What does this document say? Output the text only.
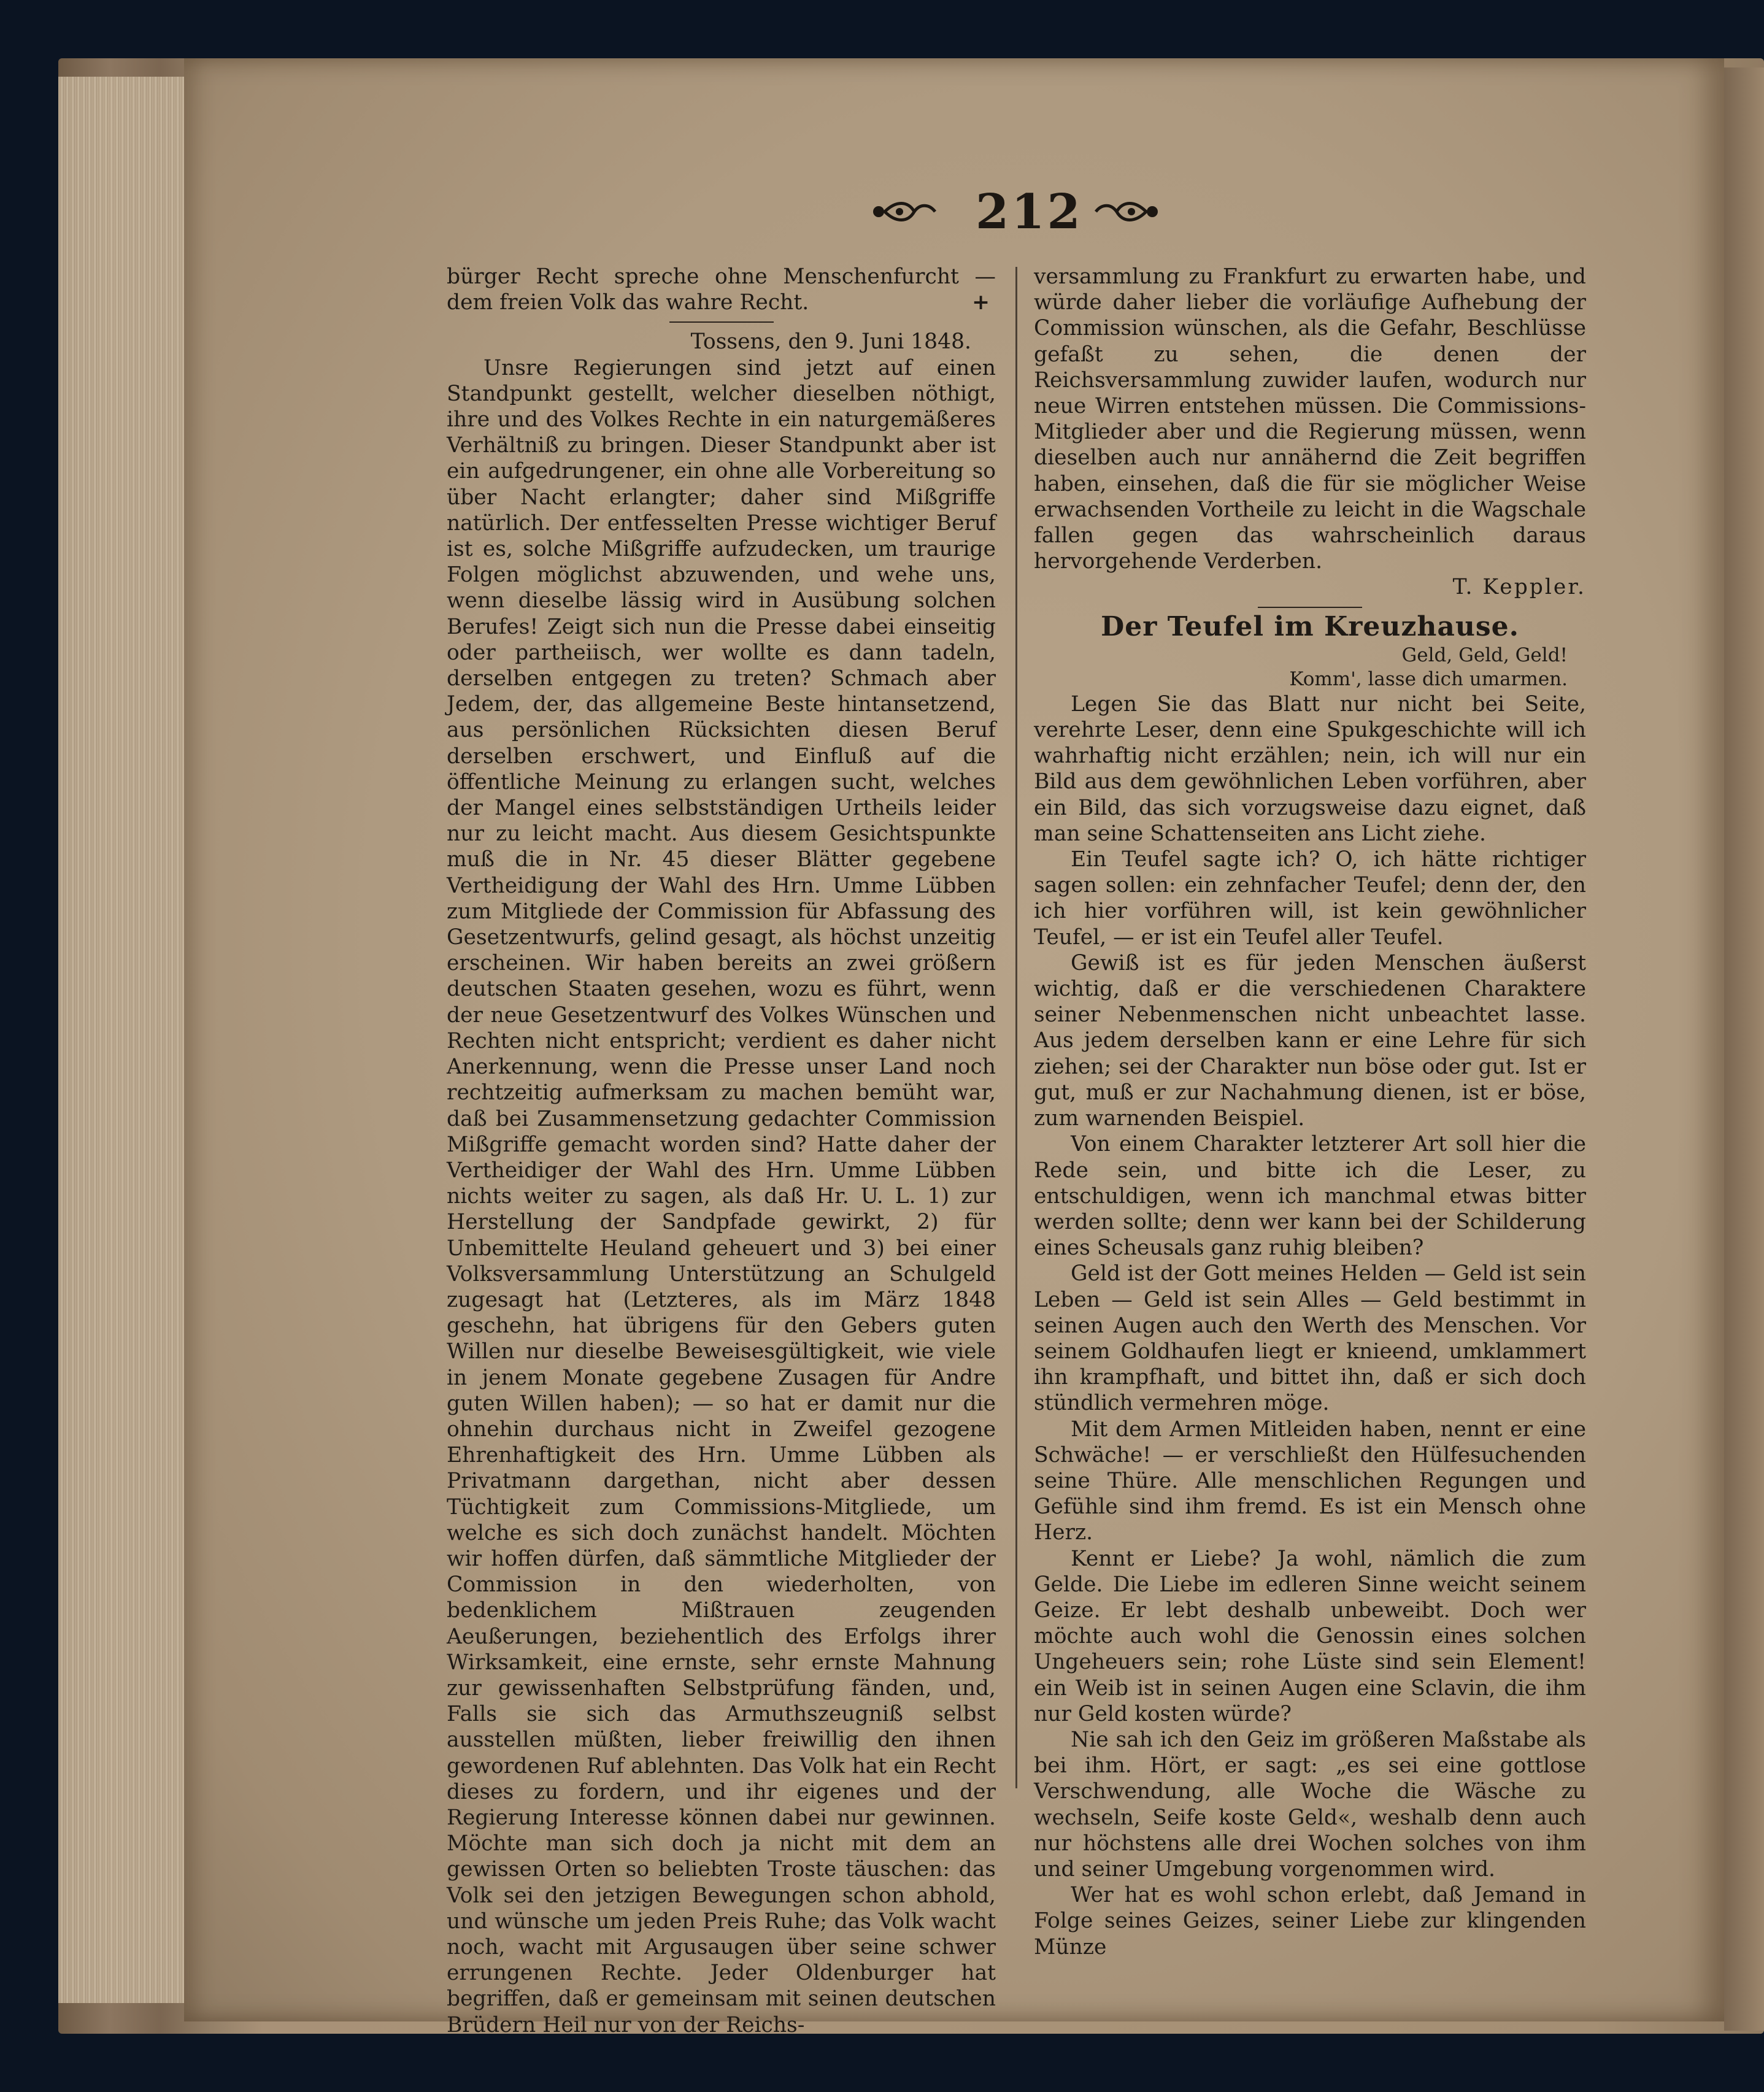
212

bürger Recht spreche ohne Menschenfurcht — dem freien Volk das wahre Recht.	+

Tossens, den 9. Juni 1848.

Unsre Regierungen sind jetzt auf einen Standpunkt gestellt, welcher dieselben nöthigt, ihre und des Volkes Rechte in ein naturgemäßeres Verhältniß zu bringen. Dieser Standpunkt aber ist ein aufgedrungener, ein ohne alle Vorbereitung so über Nacht erlangter; daher sind Mißgriffe natürlich. Der entfesselten Presse wichtiger Beruf ist es, solche Mißgriffe aufzudecken, um traurige Folgen möglichst abzuwenden, und wehe uns, wenn dieselbe lässig wird in Ausübung solchen Berufes! Zeigt sich nun die Presse dabei einseitig oder partheiisch, wer wollte es dann tadeln, derselben entgegen zu treten? Schmach aber Jedem, der, das allgemeine Beste hintansetzend, aus persönlichen Rücksichten diesen Beruf derselben erschwert, und Einfluß auf die öffentliche Meinung zu erlangen sucht, welches der Mangel eines selbstständigen Urtheils leider nur zu leicht macht. Aus diesem Gesichtspunkte muß die in Nr. 45 dieser Blätter gegebene Vertheidigung der Wahl des Hrn. Umme Lübben zum Mitgliede der Commission für Abfassung des Gesetzentwurfs, gelind gesagt, als höchst unzeitig erscheinen. Wir haben bereits an zwei größern deutschen Staaten gesehen, wozu es führt, wenn der neue Gesetzentwurf des Volkes Wünschen und Rechten nicht entspricht; verdient es daher nicht Anerkennung, wenn die Presse unser Land noch rechtzeitig aufmerksam zu machen bemüht war, daß bei Zusammensetzung gedachter Commission Mißgriffe gemacht worden sind? Hatte daher der Vertheidiger der Wahl des Hrn. Umme Lübben nichts weiter zu sagen, als daß Hr. U. L. 1) zur Herstellung der Sandpfade gewirkt, 2) für Unbemittelte Heuland geheuert und 3) bei einer Volksversammlung Unterstützung an Schulgeld zugesagt hat (Letzteres, als im März 1848 geschehn, hat übrigens für den Gebers guten Willen nur dieselbe Beweisesgültigkeit, wie viele in jenem Monate gegebene Zusagen für Andre guten Willen haben); — so hat er damit nur die ohnehin durchaus nicht in Zweifel gezogene Ehrenhaftigkeit des Hrn. Umme Lübben als Privatmann dargethan, nicht aber dessen Tüchtigkeit zum Commissions-Mitgliede, um welche es sich doch zunächst handelt. Möchten wir hoffen dürfen, daß sämmtliche Mitglieder der Commission in den wiederholten, von bedenklichem Mißtrauen zeugenden Aeußerungen, beziehentlich des Erfolgs ihrer Wirksamkeit, eine ernste, sehr ernste Mahnung zur gewissenhaften Selbstprüfung fänden, und, Falls sie sich das Armuthszeugniß selbst ausstellen müßten, lieber freiwillig den ihnen gewordenen Ruf ablehnten. Das Volk hat ein Recht dieses zu fordern, und ihr eigenes und der Regierung Interesse können dabei nur gewinnen. Möchte man sich doch ja nicht mit dem an gewissen Orten so beliebten Troste täuschen: das Volk sei den jetzigen Bewegungen schon abhold, und wünsche um jeden Preis Ruhe; das Volk wacht noch, wacht mit Argusaugen über seine schwer errungenen Rechte. Jeder Oldenburger hat begriffen, daß er gemeinsam mit seinen deutschen Brüdern Heil nur von der Reichs-

versammlung zu Frankfurt zu erwarten habe, und würde daher lieber die vorläufige Aufhebung der Commission wünschen, als die Gefahr, Beschlüsse gefaßt zu sehen, die denen der Reichsversammlung zuwider laufen, wodurch nur neue Wirren entstehen müssen. Die Commissions-Mitglieder aber und die Regierung müssen, wenn dieselben auch nur annähernd die Zeit begriffen haben, einsehen, daß die für sie möglicher Weise erwachsenden Vortheile zu leicht in die Wagschale fallen gegen das wahrscheinlich daraus hervorgehende Verderben.

T. Keppler.

Der Teufel im Kreuzhause.

Geld, Geld, Geld!

Komm', lasse dich umarmen.

Legen Sie das Blatt nur nicht bei Seite, verehrte Leser, denn eine Spukgeschichte will ich wahrhaftig nicht erzählen; nein, ich will nur ein Bild aus dem gewöhnlichen Leben vorführen, aber ein Bild, das sich vorzugsweise dazu eignet, daß man seine Schattenseiten ans Licht ziehe.

Ein Teufel sagte ich? O, ich hätte richtiger sagen sollen: ein zehnfacher Teufel; denn der, den ich hier vorführen will, ist kein gewöhnlicher Teufel, — er ist ein Teufel aller Teufel.

Gewiß ist es für jeden Menschen äußerst wichtig, daß er die verschiedenen Charaktere seiner Nebenmenschen nicht unbeachtet lasse. Aus jedem derselben kann er eine Lehre für sich ziehen; sei der Charakter nun böse oder gut. Ist er gut, muß er zur Nachahmung dienen, ist er böse, zum warnenden Beispiel.

Von einem Charakter letzterer Art soll hier die Rede sein, und bitte ich die Leser, zu entschuldigen, wenn ich manchmal etwas bitter werden sollte; denn wer kann bei der Schilderung eines Scheusals ganz ruhig bleiben?

Geld ist der Gott meines Helden — Geld ist sein Leben — Geld ist sein Alles — Geld bestimmt in seinen Augen auch den Werth des Menschen. Vor seinem Goldhaufen liegt er knieend, umklammert ihn krampfhaft, und bittet ihn, daß er sich doch stündlich vermehren möge.

Mit dem Armen Mitleiden haben, nennt er eine Schwäche! — er verschließt den Hülfesuchenden seine Thüre. Alle menschlichen Regungen und Gefühle sind ihm fremd. Es ist ein Mensch ohne Herz.

Kennt er Liebe? Ja wohl, nämlich die zum Gelde. Die Liebe im edleren Sinne weicht seinem Geize. Er lebt deshalb unbeweibt. Doch wer möchte auch wohl die Genossin eines solchen Ungeheuers sein; rohe Lüste sind sein Element! ein Weib ist in seinen Augen eine Sclavin, die ihm nur Geld kosten würde?

Nie sah ich den Geiz im größeren Maßstabe als bei ihm. Hört, er sagt: „es sei eine gottlose Verschwendung, alle Woche die Wäsche zu wechseln, Seife koste Geld«, weshalb denn auch nur höchstens alle drei Wochen solches von ihm und seiner Umgebung vorgenommen wird.

Wer hat es wohl schon erlebt, daß Jemand in Folge seines Geizes, seiner Liebe zur klingenden Münze
